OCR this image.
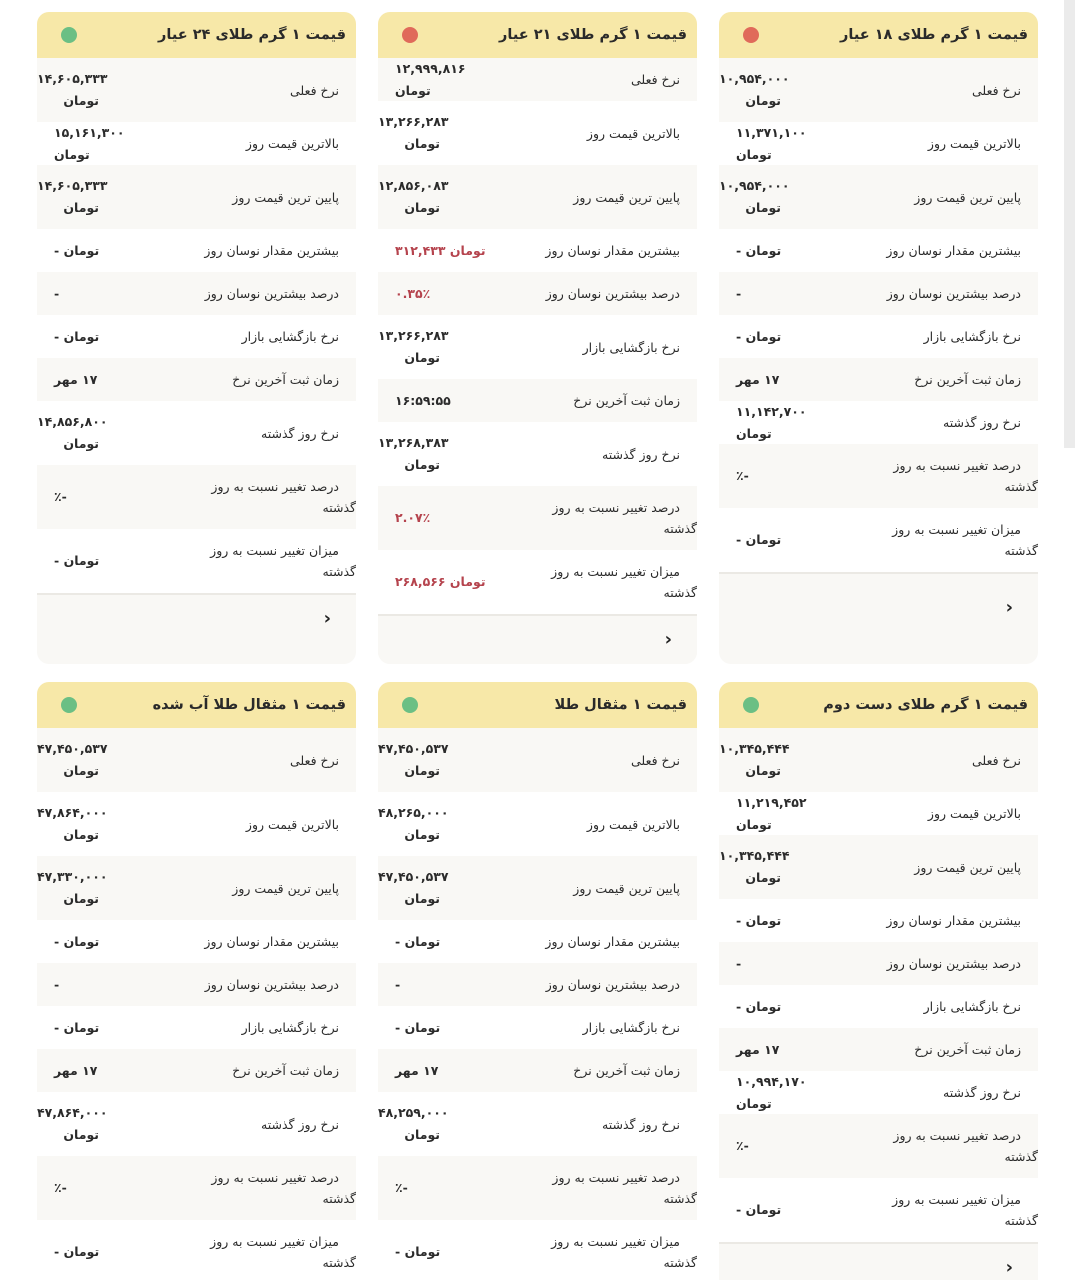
قیمت ۱ گرم طلای ۱۸ عیار
نرخ فعلی
۱۰,۹۵۴,۰۰۰
تومان
بالاترین قیمت روز
۱۱,۳۷۱,۱۰۰ تومان
پایین ترین قیمت روز
۱۰,۹۵۴,۰۰۰
تومان
بیشترین مقدار نوسان روز
- تومان
درصد بیشترین نوسان روز
-
نرخ بازگشایی بازار
- تومان
زمان ثبت آخرین نرخ
۱۷ مهر
نرخ روز گذشته
۱۱,۱۴۲,۷۰۰ تومان
درصد تغییر نسبت به روز
گذشته
٪-
میزان تغییر نسبت به روز
گذشته
- تومان
‹
قیمت ۱ گرم طلای ۲۱ عیار
نرخ فعلی
۱۲,۹۹۹,۸۱۶ تومان
بالاترین قیمت روز
۱۳,۲۶۶,۲۸۳
تومان
پایین ترین قیمت روز
۱۲,۸۵۶,۰۸۳
تومان
بیشترین مقدار نوسان روز
۳۱۲,۴۳۳ تومان
درصد بیشترین نوسان روز
۰.۳۵٪
نرخ بازگشایی بازار
۱۳,۲۶۶,۲۸۳
تومان
زمان ثبت آخرین نرخ
۱۶:۵۹:۵۵
نرخ روز گذشته
۱۳,۲۶۸,۳۸۳
تومان
درصد تغییر نسبت به روز
گذشته
۲.۰۷٪
میزان تغییر نسبت به روز
گذشته
۲۶۸,۵۶۶ تومان
‹
قیمت ۱ گرم طلای ۲۴ عیار
نرخ فعلی
۱۴,۶۰۵,۳۳۳
تومان
بالاترین قیمت روز
۱۵,۱۶۱,۳۰۰ تومان
پایین ترین قیمت روز
۱۴,۶۰۵,۳۳۳
تومان
بیشترین مقدار نوسان روز
- تومان
درصد بیشترین نوسان روز
-
نرخ بازگشایی بازار
- تومان
زمان ثبت آخرین نرخ
۱۷ مهر
نرخ روز گذشته
۱۴,۸۵۶,۸۰۰
تومان
درصد تغییر نسبت به روز
گذشته
٪-
میزان تغییر نسبت به روز
گذشته
- تومان
‹
قیمت ۱ گرم طلای دست دوم
نرخ فعلی
۱۰,۳۴۵,۴۴۴
تومان
بالاترین قیمت روز
۱۱,۲۱۹,۴۵۲ تومان
پایین ترین قیمت روز
۱۰,۳۴۵,۴۴۴
تومان
بیشترین مقدار نوسان روز
- تومان
درصد بیشترین نوسان روز
-
نرخ بازگشایی بازار
- تومان
زمان ثبت آخرین نرخ
۱۷ مهر
نرخ روز گذشته
۱۰,۹۹۴,۱۷۰ تومان
درصد تغییر نسبت به روز
گذشته
٪-
میزان تغییر نسبت به روز
گذشته
- تومان
‹
قیمت ۱ مثقال طلا
نرخ فعلی
۴۷,۴۵۰,۵۳۷
تومان
بالاترین قیمت روز
۴۸,۲۶۵,۰۰۰
تومان
پایین ترین قیمت روز
۴۷,۴۵۰,۵۳۷
تومان
بیشترین مقدار نوسان روز
- تومان
درصد بیشترین نوسان روز
-
نرخ بازگشایی بازار
- تومان
زمان ثبت آخرین نرخ
۱۷ مهر
نرخ روز گذشته
۴۸,۲۵۹,۰۰۰
تومان
درصد تغییر نسبت به روز
گذشته
٪-
میزان تغییر نسبت به روز
گذشته
- تومان
قیمت ۱ مثقال طلا آب شده
نرخ فعلی
۴۷,۴۵۰,۵۳۷
تومان
بالاترین قیمت روز
۴۷,۸۶۴,۰۰۰
تومان
پایین ترین قیمت روز
۴۷,۳۳۰,۰۰۰
تومان
بیشترین مقدار نوسان روز
- تومان
درصد بیشترین نوسان روز
-
نرخ بازگشایی بازار
- تومان
زمان ثبت آخرین نرخ
۱۷ مهر
نرخ روز گذشته
۴۷,۸۶۴,۰۰۰
تومان
درصد تغییر نسبت به روز
گذشته
٪-
میزان تغییر نسبت به روز
گذشته
- تومان
